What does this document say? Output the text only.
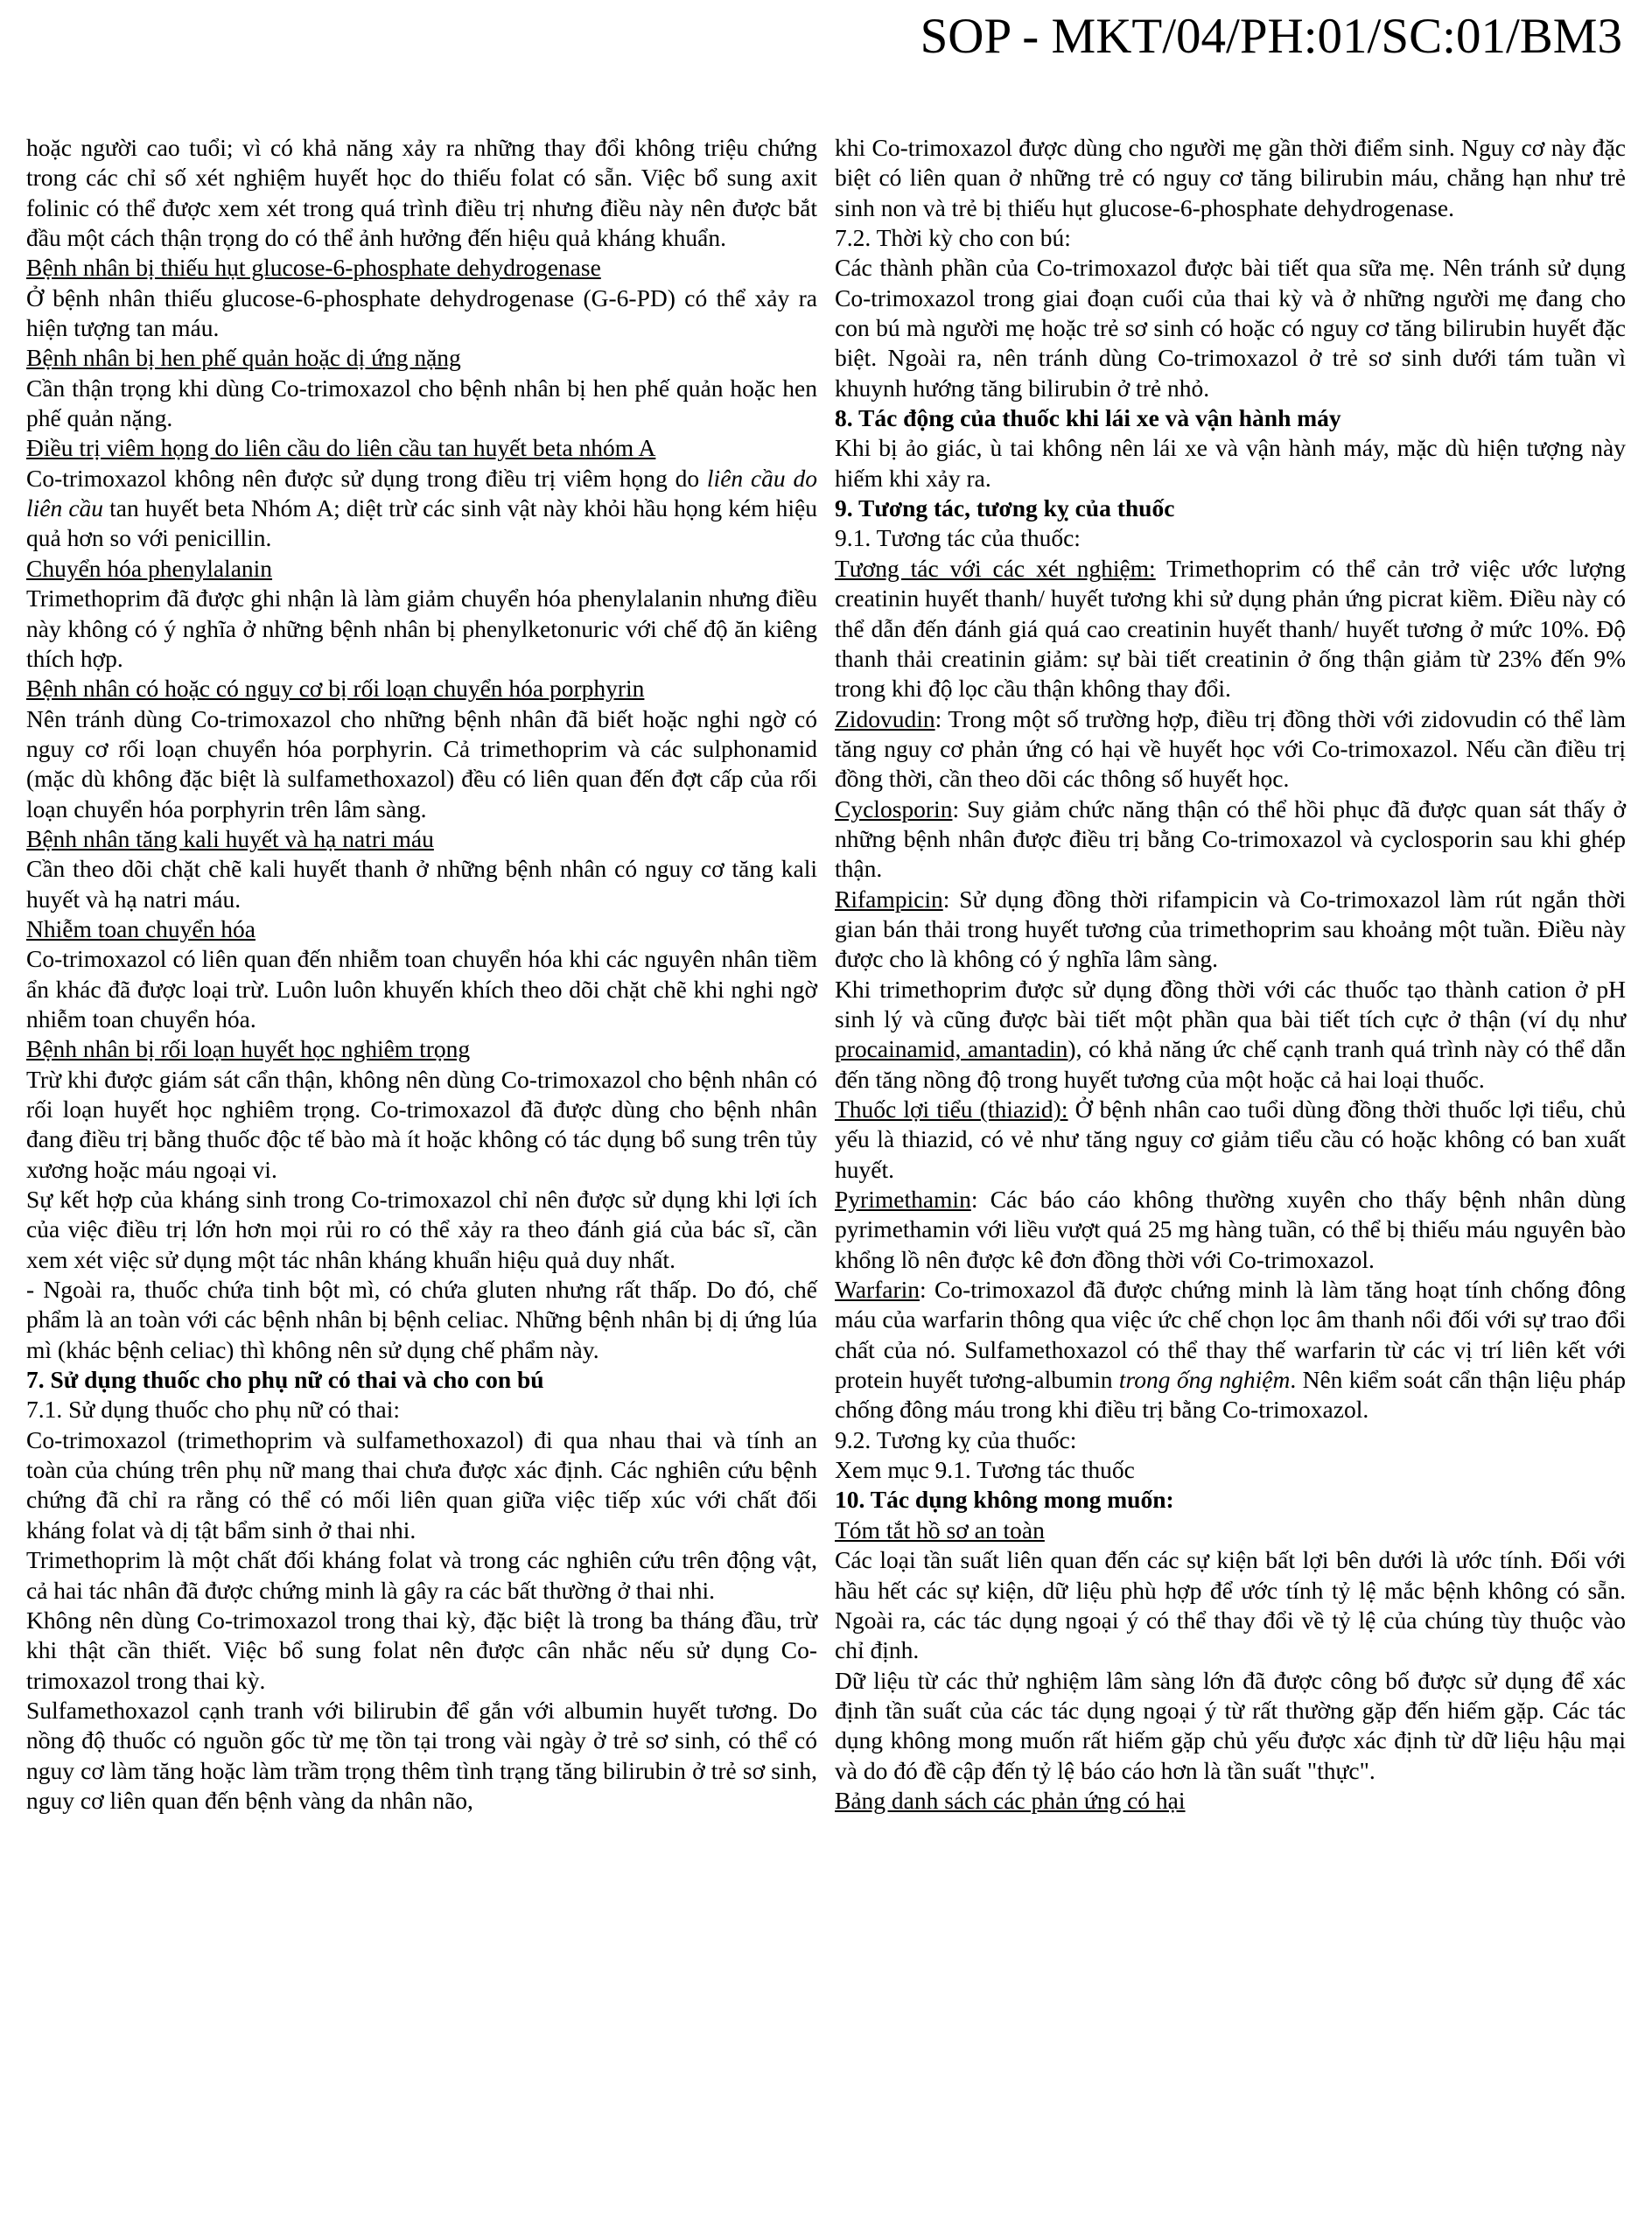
SOP - MKT/04/PH:01/SC:01/BM3

hoặc người cao tuổi; vì có khả năng xảy ra những thay đổi không triệu chứng trong các chỉ số xét nghiệm huyết học do thiếu folat có sẵn. Việc bổ sung axit folinic có thể được xem xét trong quá trình điều trị nhưng điều này nên được bắt đầu một cách thận trọng do có thể ảnh hưởng đến hiệu quả kháng khuẩn.

Bệnh nhân bị thiếu hụt glucose-6-phosphate dehydrogenase

Ở bệnh nhân thiếu glucose-6-phosphate dehydrogenase (G-6-PD) có thể xảy ra hiện tượng tan máu.

Bệnh nhân bị hen phế quản hoặc dị ứng nặng

Cần thận trọng khi dùng Co-trimoxazol cho bệnh nhân bị hen phế quản hoặc hen phế quản nặng.

Điều trị viêm họng do liên cầu do liên cầu tan huyết beta nhóm A

Co-trimoxazol không nên được sử dụng trong điều trị viêm họng do liên cầu do liên cầu tan huyết beta Nhóm A; diệt trừ các sinh vật này khỏi hầu họng kém hiệu quả hơn so với penicillin.

Chuyển hóa phenylalanin

Trimethoprim đã được ghi nhận là làm giảm chuyển hóa phenylalanin nhưng điều này không có ý nghĩa ở những bệnh nhân bị phenylketonuric với chế độ ăn kiêng thích hợp.

Bệnh nhân có hoặc có nguy cơ bị rối loạn chuyển hóa porphyrin

Nên tránh dùng Co-trimoxazol cho những bệnh nhân đã biết hoặc nghi ngờ có nguy cơ rối loạn chuyển hóa porphyrin. Cả trimethoprim và các sulphonamid (mặc dù không đặc biệt là sulfamethoxazol) đều có liên quan đến đợt cấp của rối loạn chuyển hóa porphyrin trên lâm sàng.

Bệnh nhân tăng kali huyết và hạ natri máu

Cần theo dõi chặt chẽ kali huyết thanh ở những bệnh nhân có nguy cơ tăng kali huyết và hạ natri máu.

Nhiễm toan chuyển hóa

Co-trimoxazol có liên quan đến nhiễm toan chuyển hóa khi các nguyên nhân tiềm ẩn khác đã được loại trừ. Luôn luôn khuyến khích theo dõi chặt chẽ khi nghi ngờ nhiễm toan chuyển hóa.

Bệnh nhân bị rối loạn huyết học nghiêm trọng

Trừ khi được giám sát cẩn thận, không nên dùng Co-trimoxazol cho bệnh nhân có rối loạn huyết học nghiêm trọng. Co-trimoxazol đã được dùng cho bệnh nhân đang điều trị bằng thuốc độc tế bào mà ít hoặc không có tác dụng bổ sung trên tủy xương hoặc máu ngoại vi.

Sự kết hợp của kháng sinh trong Co-trimoxazol chỉ nên được sử dụng khi lợi ích của việc điều trị lớn hơn mọi rủi ro có thể xảy ra theo đánh giá của bác sĩ, cần xem xét việc sử dụng một tác nhân kháng khuẩn hiệu quả duy nhất.

- Ngoài ra, thuốc chứa tinh bột mì, có chứa gluten nhưng rất thấp. Do đó, chế phẩm là an toàn với các bệnh nhân bị bệnh celiac. Những bệnh nhân bị dị ứng lúa mì (khác bệnh celiac) thì không nên sử dụng chế phẩm này.

7. Sử dụng thuốc cho phụ nữ có thai và cho con bú

7.1. Sử dụng thuốc cho phụ nữ có thai:

Co-trimoxazol (trimethoprim và sulfamethoxazol) đi qua nhau thai và tính an toàn của chúng trên phụ nữ mang thai chưa được xác định. Các nghiên cứu bệnh chứng đã chỉ ra rằng có thể có mối liên quan giữa việc tiếp xúc với chất đối kháng folat và dị tật bẩm sinh ở thai nhi.

Trimethoprim là một chất đối kháng folat và trong các nghiên cứu trên động vật, cả hai tác nhân đã được chứng minh là gây ra các bất thường ở thai nhi.

Không nên dùng Co-trimoxazol trong thai kỳ, đặc biệt là trong ba tháng đầu, trừ khi thật cần thiết. Việc bổ sung folat nên được cân nhắc nếu sử dụng Co-trimoxazol trong thai kỳ.

Sulfamethoxazol cạnh tranh với bilirubin để gắn với albumin huyết tương. Do nồng độ thuốc có nguồn gốc từ mẹ tồn tại trong vài ngày ở trẻ sơ sinh, có thể có nguy cơ làm tăng hoặc làm trầm trọng thêm tình trạng tăng bilirubin ở trẻ sơ sinh, nguy cơ liên quan đến bệnh vàng da nhân não,

khi Co-trimoxazol được dùng cho người mẹ gần thời điểm sinh. Nguy cơ này đặc biệt có liên quan ở những trẻ có nguy cơ tăng bilirubin máu, chẳng hạn như trẻ sinh non và trẻ bị thiếu hụt glucose-6-phosphate dehydrogenase.

7.2. Thời kỳ cho con bú:

Các thành phần của Co-trimoxazol được bài tiết qua sữa mẹ. Nên tránh sử dụng Co-trimoxazol trong giai đoạn cuối của thai kỳ và ở những người mẹ đang cho con bú mà người mẹ hoặc trẻ sơ sinh có hoặc có nguy cơ tăng bilirubin huyết đặc biệt. Ngoài ra, nên tránh dùng Co-trimoxazol ở trẻ sơ sinh dưới tám tuần vì khuynh hướng tăng bilirubin ở trẻ nhỏ.

8. Tác động của thuốc khi lái xe và vận hành máy

Khi bị ảo giác, ù tai không nên lái xe và vận hành máy, mặc dù hiện tượng này hiếm khi xảy ra.

9. Tương tác, tương kỵ của thuốc

9.1. Tương tác của thuốc:

Tương tác với các xét nghiệm: Trimethoprim có thể cản trở việc ước lượng creatinin huyết thanh/ huyết tương khi sử dụng phản ứng picrat kiềm. Điều này có thể dẫn đến đánh giá quá cao creatinin huyết thanh/ huyết tương ở mức 10%. Độ thanh thải creatinin giảm: sự bài tiết creatinin ở ống thận giảm từ 23% đến 9% trong khi độ lọc cầu thận không thay đổi.

Zidovudin: Trong một số trường hợp, điều trị đồng thời với zidovudin có thể làm tăng nguy cơ phản ứng có hại về huyết học với Co-trimoxazol. Nếu cần điều trị đồng thời, cần theo dõi các thông số huyết học.

Cyclosporin: Suy giảm chức năng thận có thể hồi phục đã được quan sát thấy ở những bệnh nhân được điều trị bằng Co-trimoxazol và cyclosporin sau khi ghép thận.

Rifampicin: Sử dụng đồng thời rifampicin và Co-trimoxazol làm rút ngắn thời gian bán thải trong huyết tương của trimethoprim sau khoảng một tuần. Điều này được cho là không có ý nghĩa lâm sàng.

Khi trimethoprim được sử dụng đồng thời với các thuốc tạo thành cation ở pH sinh lý và cũng được bài tiết một phần qua bài tiết tích cực ở thận (ví dụ như procainamid, amantadin), có khả năng ức chế cạnh tranh quá trình này có thể dẫn đến tăng nồng độ trong huyết tương của một hoặc cả hai loại thuốc.

Thuốc lợi tiểu (thiazid): Ở bệnh nhân cao tuổi dùng đồng thời thuốc lợi tiểu, chủ yếu là thiazid, có vẻ như tăng nguy cơ giảm tiểu cầu có hoặc không có ban xuất huyết.

Pyrimethamin: Các báo cáo không thường xuyên cho thấy bệnh nhân dùng pyrimethamin với liều vượt quá 25 mg hàng tuần, có thể bị thiếu máu nguyên bào khổng lồ nên được kê đơn đồng thời với Co-trimoxazol.

Warfarin: Co-trimoxazol đã được chứng minh là làm tăng hoạt tính chống đông máu của warfarin thông qua việc ức chế chọn lọc âm thanh nổi đối với sự trao đổi chất của nó. Sulfamethoxazol có thể thay thế warfarin từ các vị trí liên kết với protein huyết tương-albumin trong ống nghiệm. Nên kiểm soát cẩn thận liệu pháp chống đông máu trong khi điều trị bằng Co-trimoxazol.

9.2. Tương kỵ của thuốc:

Xem mục 9.1. Tương tác thuốc

10. Tác dụng không mong muốn:

Tóm tắt hồ sơ an toàn

Các loại tần suất liên quan đến các sự kiện bất lợi bên dưới là ước tính. Đối với hầu hết các sự kiện, dữ liệu phù hợp để ước tính tỷ lệ mắc bệnh không có sẵn. Ngoài ra, các tác dụng ngoại ý có thể thay đổi về tỷ lệ của chúng tùy thuộc vào chỉ định.

Dữ liệu từ các thử nghiệm lâm sàng lớn đã được công bố được sử dụng để xác định tần suất của các tác dụng ngoại ý từ rất thường gặp đến hiếm gặp. Các tác dụng không mong muốn rất hiếm gặp chủ yếu được xác định từ dữ liệu hậu mại và do đó đề cập đến tỷ lệ báo cáo hơn là tần suất "thực".

Bảng danh sách các phản ứng có hại
